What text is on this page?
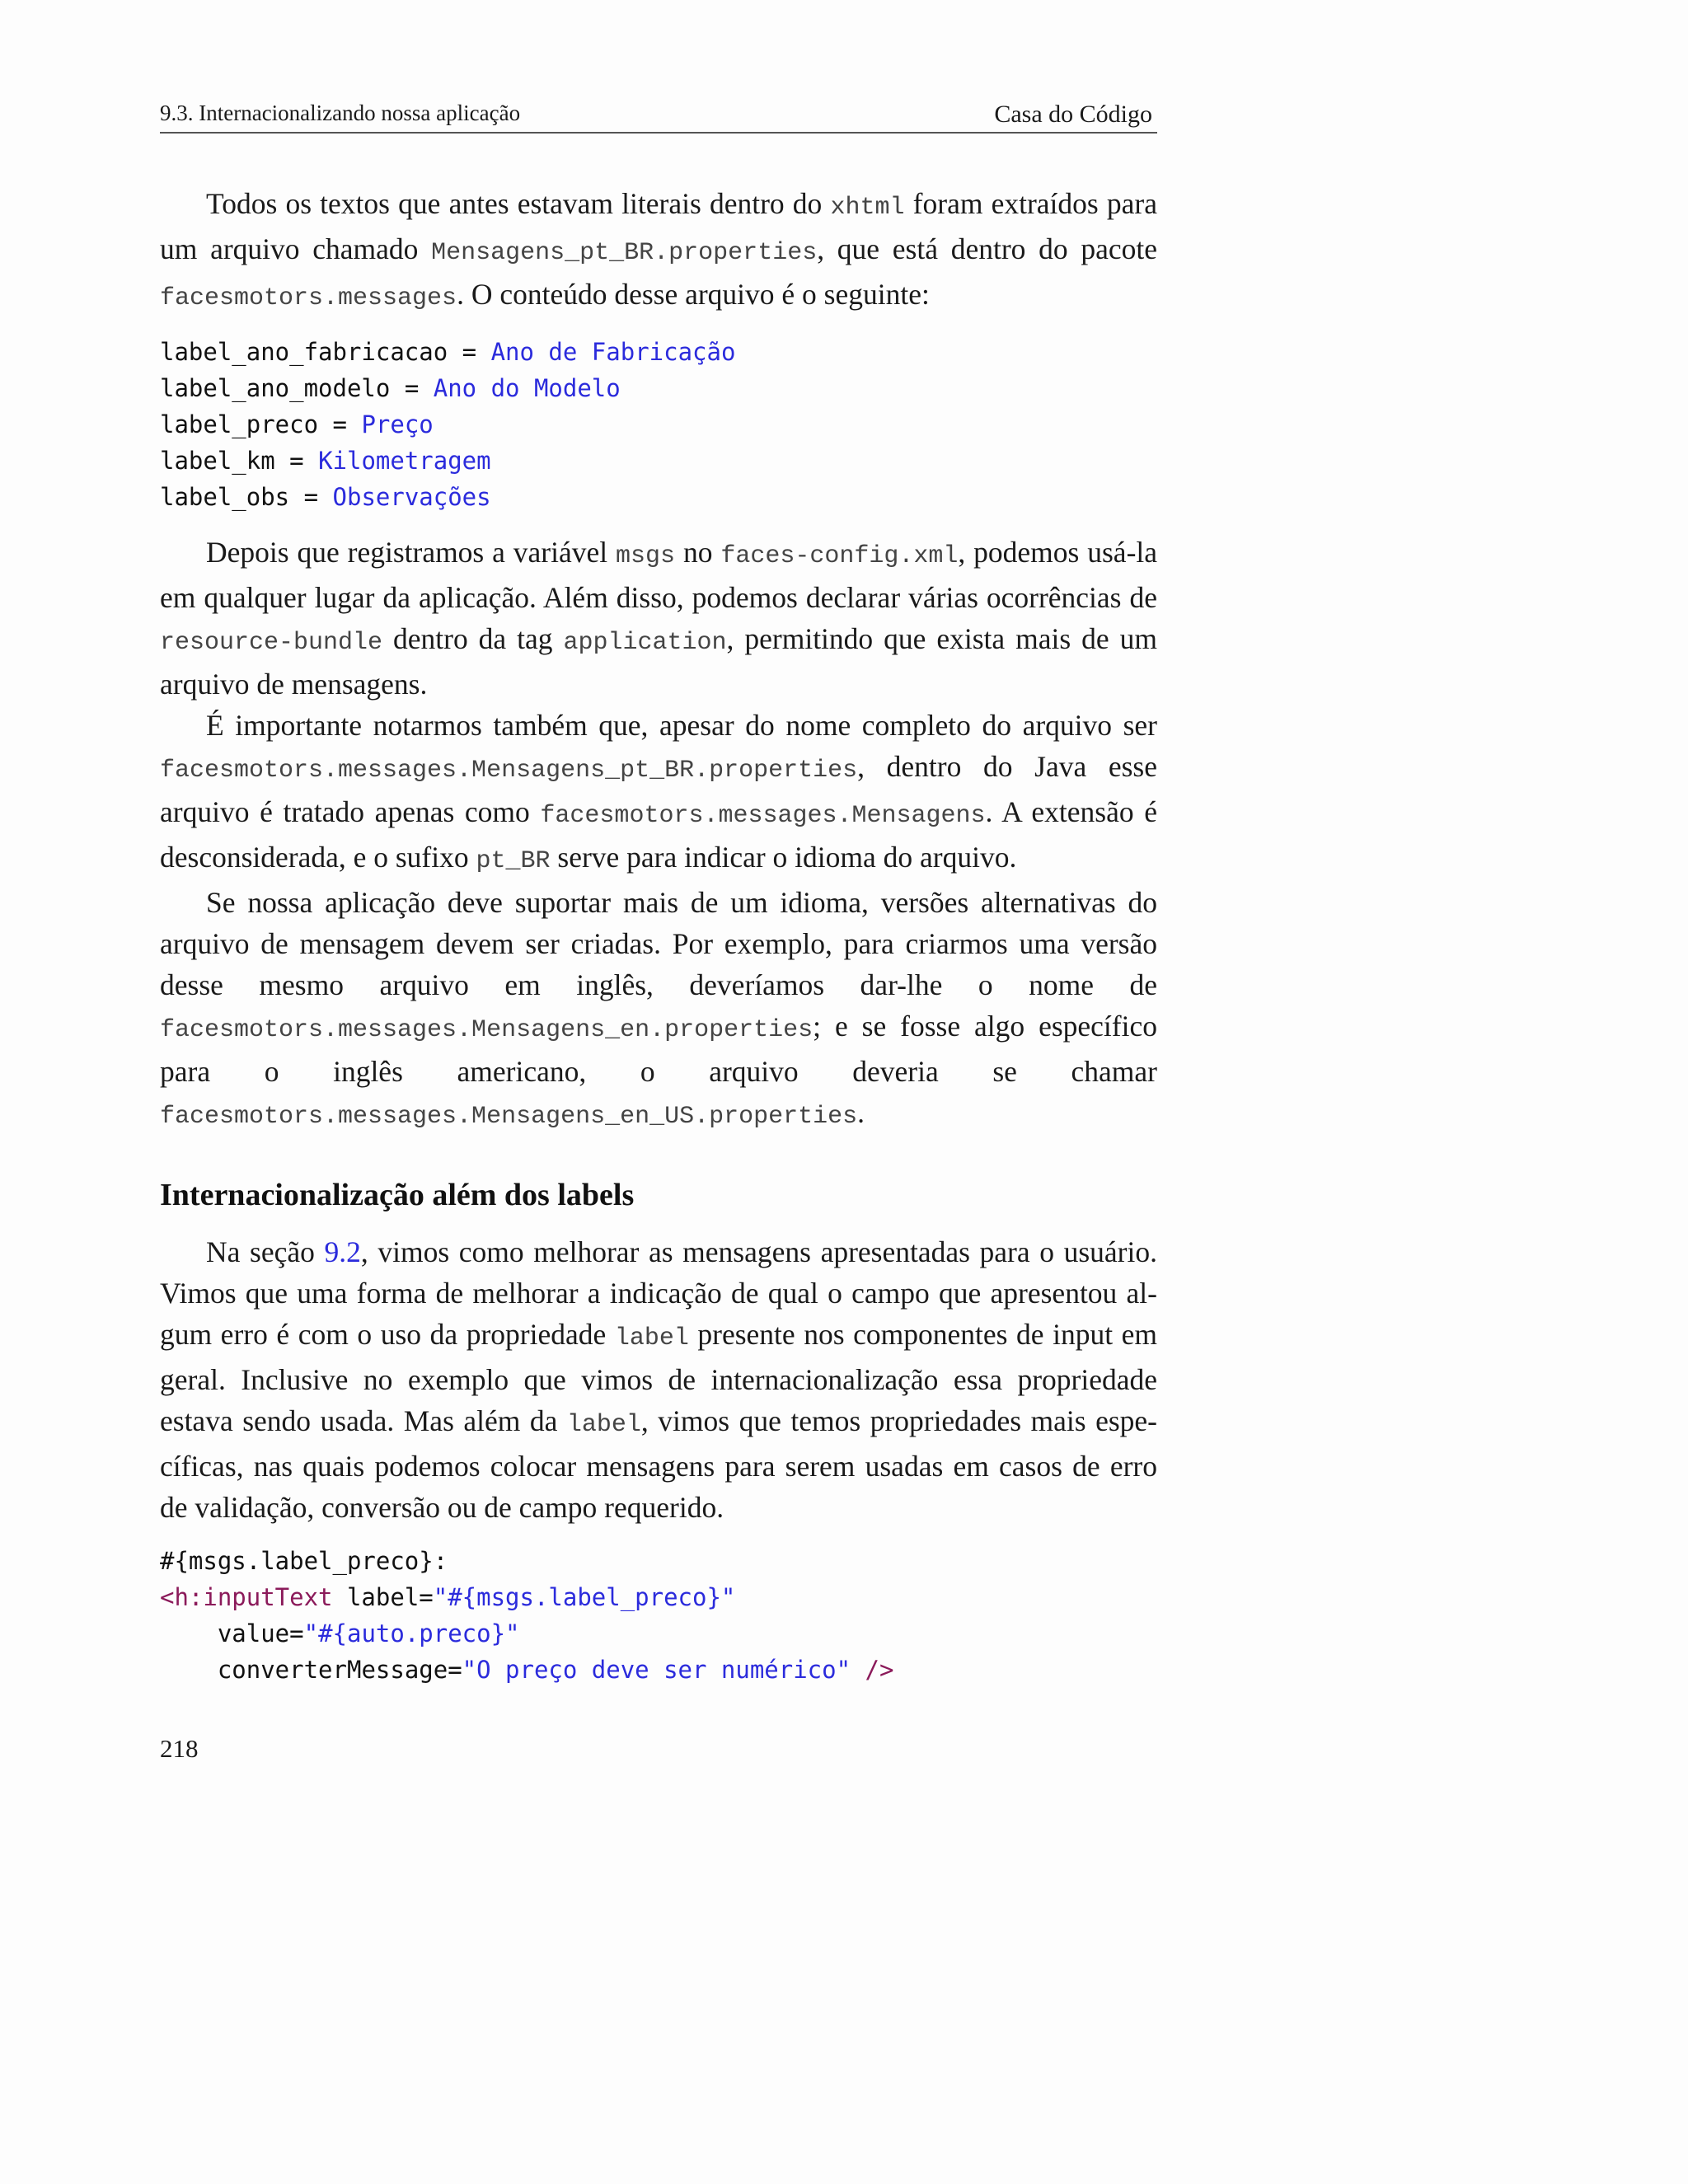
9.3. Internacionalizando nossa aplicação	Casa do Código

Todos os textos que antes estavam literais dentro do xhtml foram extraídos para um arquivo chamado Mensagens_pt_BR.properties, que está dentro do pacote facesmotors.messages. O conteúdo desse arquivo é o seguinte:

label_ano_fabricacao = Ano de Fabricação
label_ano_modelo = Ano do Modelo
label_preco = Preço
label_km = Kilometragem
label_obs = Observações

Depois que registramos a variável msgs no faces-config.xml, podemos usá-la em qualquer lugar da aplicação. Além disso, podemos declarar várias ocorrências de resource-bundle dentro da tag application, permitindo que exista mais de um arquivo de mensagens.

É importante notarmos também que, apesar do nome completo do arquivo ser facesmotors.messages.Mensagens_pt_BR.properties, dentro do Java esse arquivo é tratado apenas como facesmotors.messages.Mensagens. A extensão é desconsiderada, e o sufixo pt_BR serve para indicar o idioma do arquivo.

Se nossa aplicação deve suportar mais de um idioma, versões alternativas do arquivo de mensagem devem ser criadas. Por exemplo, para criarmos uma versão desse mesmo arquivo em inglês, deveríamos dar-lhe o nome de facesmotors.messages.Mensagens_en.properties; e se fosse algo específico para o inglês americano, o arquivo deveria se chamar facesmotors.messages.Mensagens_en_US.properties.

Internacionalização além dos labels

Na seção 9.2, vimos como melhorar as mensagens apresentadas para o usuário. Vimos que uma forma de melhorar a indicação de qual o campo que apresentou algum erro é com o uso da propriedade label presente nos componentes de input em geral. Inclusive no exemplo que vimos de internacionalização essa propriedade estava sendo usada. Mas além da label, vimos que temos propriedades mais específicas, nas quais podemos colocar mensagens para serem usadas em casos de erro de validação, conversão ou de campo requerido.

#{msgs.label_preco}:
<h:inputText label="#{msgs.label_preco}"
value="#{auto.preco}"
converterMessage="O preço deve ser numérico" />
218
